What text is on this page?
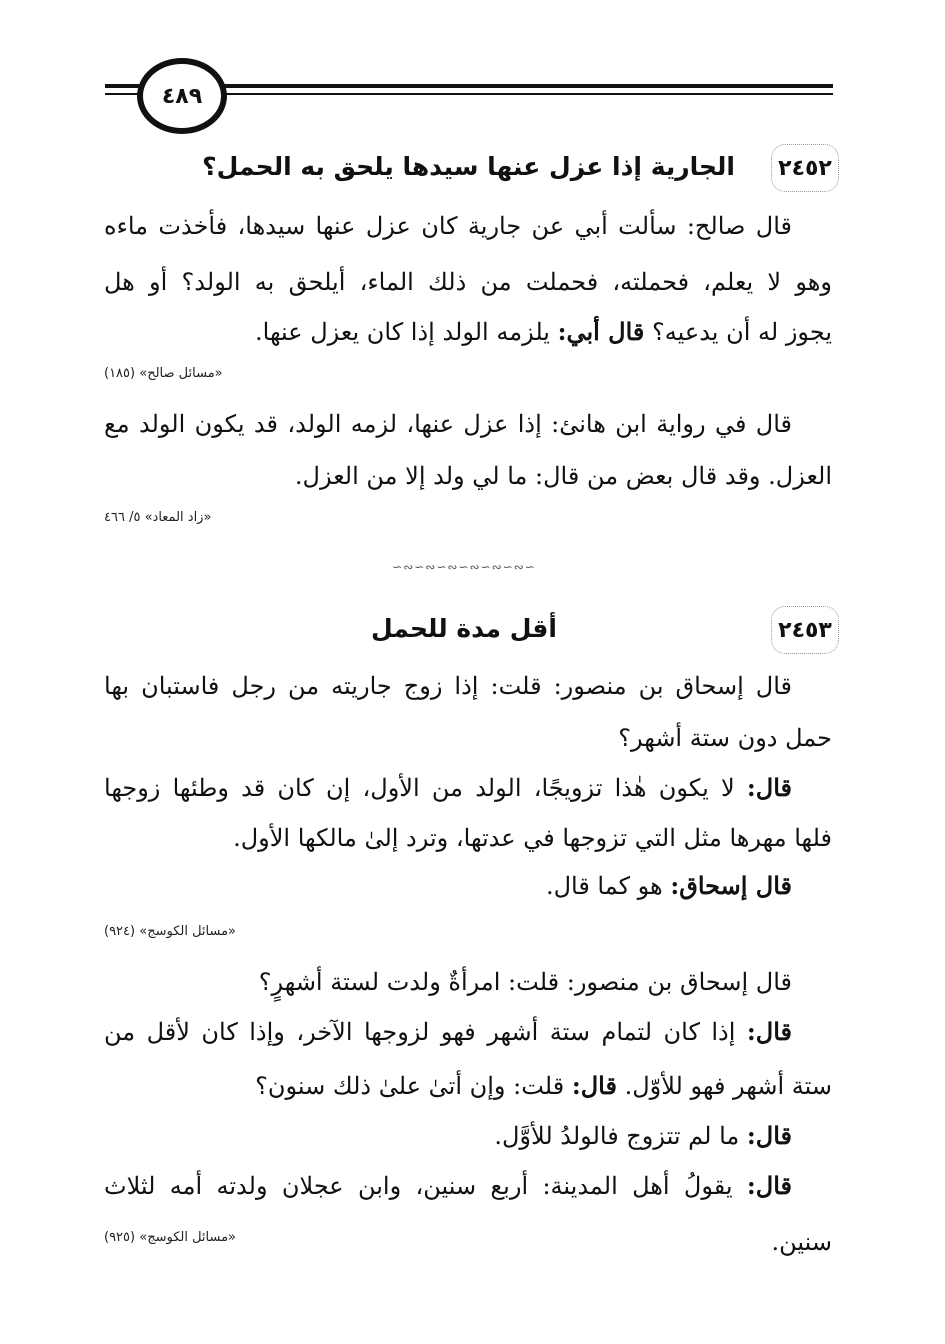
٤٨٩
٢٤٥٢
الجارية إذا عزل عنها سيدها يلحق به الحمل؟
قال صالح: سألت أبي عن جارية كان عزل عنها سيدها، فأخذت ماءه
وهو لا يعلم، فحملته، فحملت من ذلك الماء، أيلحق به الولد؟ أو هل
يجوز له أن يدعيه؟ قال أبي: يلزمه الولد إذا كان يعزل عنها.
«مسائل صالح» (١٨٥)
قال في رواية ابن هانئ: إذا عزل عنها، لزمه الولد، قد يكون الولد مع
العزل. وقد قال بعض من قال: ما لي ولد إلا من العزل.
«زاد المعاد» ٥/ ٤٦٦
∽∾∽∾∽∾∽∾∽∾∽∾∽
٢٤٥٣
أقل مدة للحمل
قال إسحاق بن منصور: قلت: إذا زوج جاريته من رجل فاستبان بها
حمل دون ستة أشهر؟
قال: لا يكون هٰذا تزويجًا، الولد من الأول، إن كان قد وطئها زوجها
فلها مهرها مثل التي تزوجها في عدتها، وترد إلىٰ مالكها الأول.
قال إسحاق: هو كما قال.
«مسائل الكوسج» (٩٢٤)
قال إسحاق بن منصور: قلت: امرأةٌ ولدت لستة أشهرٍ؟
قال: إذا كان لتمام ستة أشهر فهو لزوجها الآخر، وإذا كان لأقل من
ستة أشهر فهو للأوّل. قال: قلت: وإن أتىٰ علىٰ ذلك سنون؟
قال: ما لم تتزوج فالولدُ للأوَّل.
قال: يقولُ أهل المدينة: أربع سنين، وابن عجلان ولدته أمه لثلاث
سنين.
«مسائل الكوسج» (٩٢٥)
